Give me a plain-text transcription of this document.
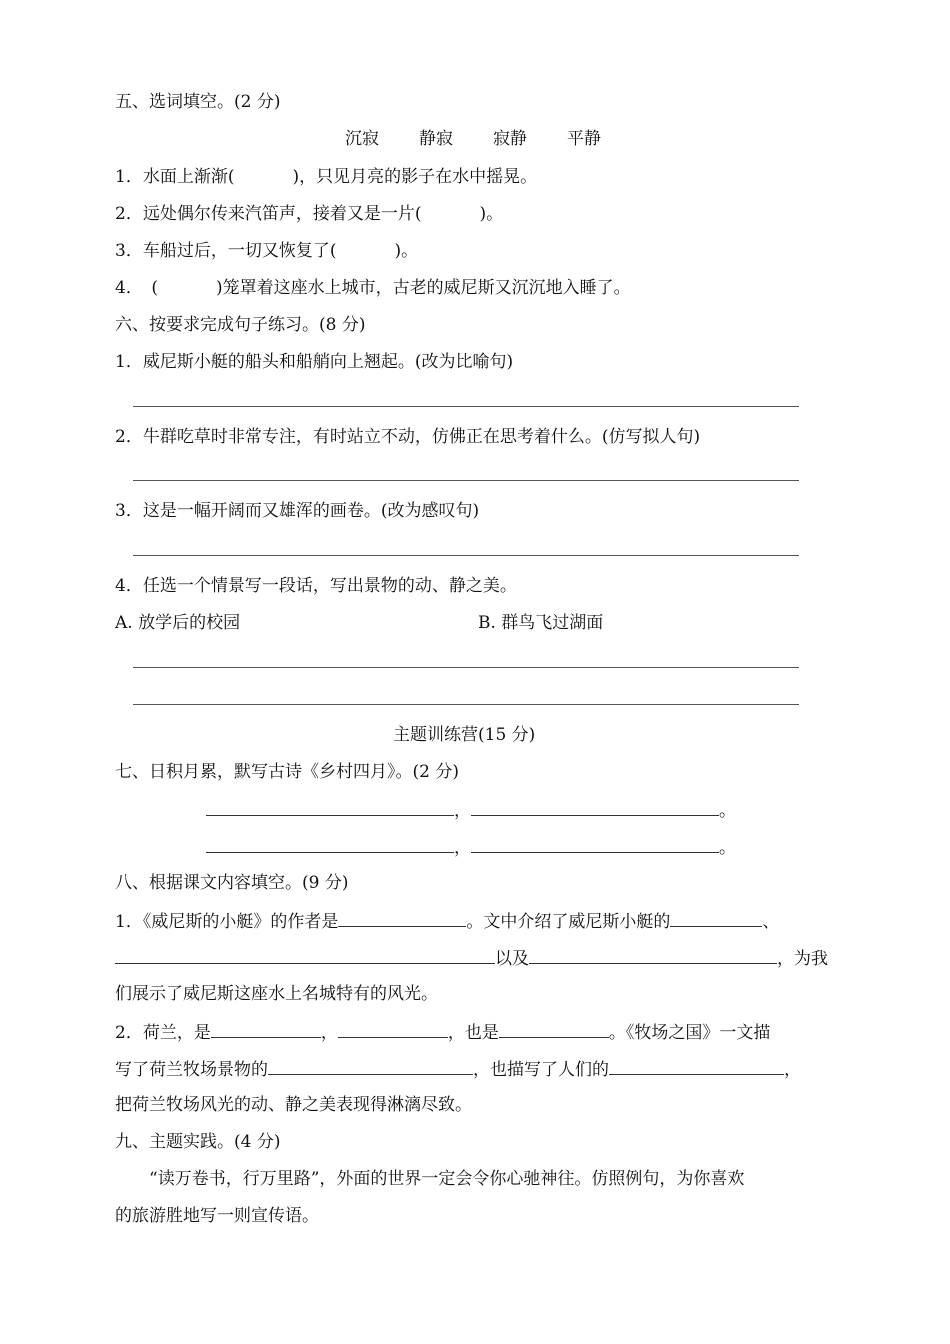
五、选词填空。(2 分)
沉寂 静寂 寂静 平静
1．水面上渐渐(	)，只见月亮的影子在水中摇晃。
2．远处偶尔传来汽笛声，接着又是一片(	)。
3．车船过后，一切又恢复了(	)。
4．　(	)笼罩着这座水上城市，古老的威尼斯又沉沉地入睡了。
六、按要求完成句子练习。(8 分)
1．威尼斯小艇的船头和船艄向上翘起。(改为比喻句)
2．牛群吃草时非常专注，有时站立不动，仿佛正在思考着什么。(仿写拟人句)
3．这是一幅开阔而又雄浑的画卷。(改为感叹句)
4．任选一个情景写一段话，写出景物的动、静之美。
A. 放学后的校园	B. 群鸟飞过湖面
主题训练营(15 分)
七、日积月累，默写古诗《乡村四月》。(2 分)
，	。
，	。
八、根据课文内容填空。(9 分)
1．《威尼斯的小艇》的作者是	。文中介绍了威尼斯小艇的	、
以及	，为我
们展示了威尼斯这座水上名城特有的风光。
2．荷兰，是	，	，也是	。《牧场之国》一文描
写了荷兰牧场景物的	，也描写了人们的	，
把荷兰牧场风光的动、静之美表现得淋漓尽致。
九、主题实践。(4 分)
“读万卷书，行万里路”，外面的世界一定会令你心驰神往。仿照例句，为你喜欢
的旅游胜地写一则宣传语。
